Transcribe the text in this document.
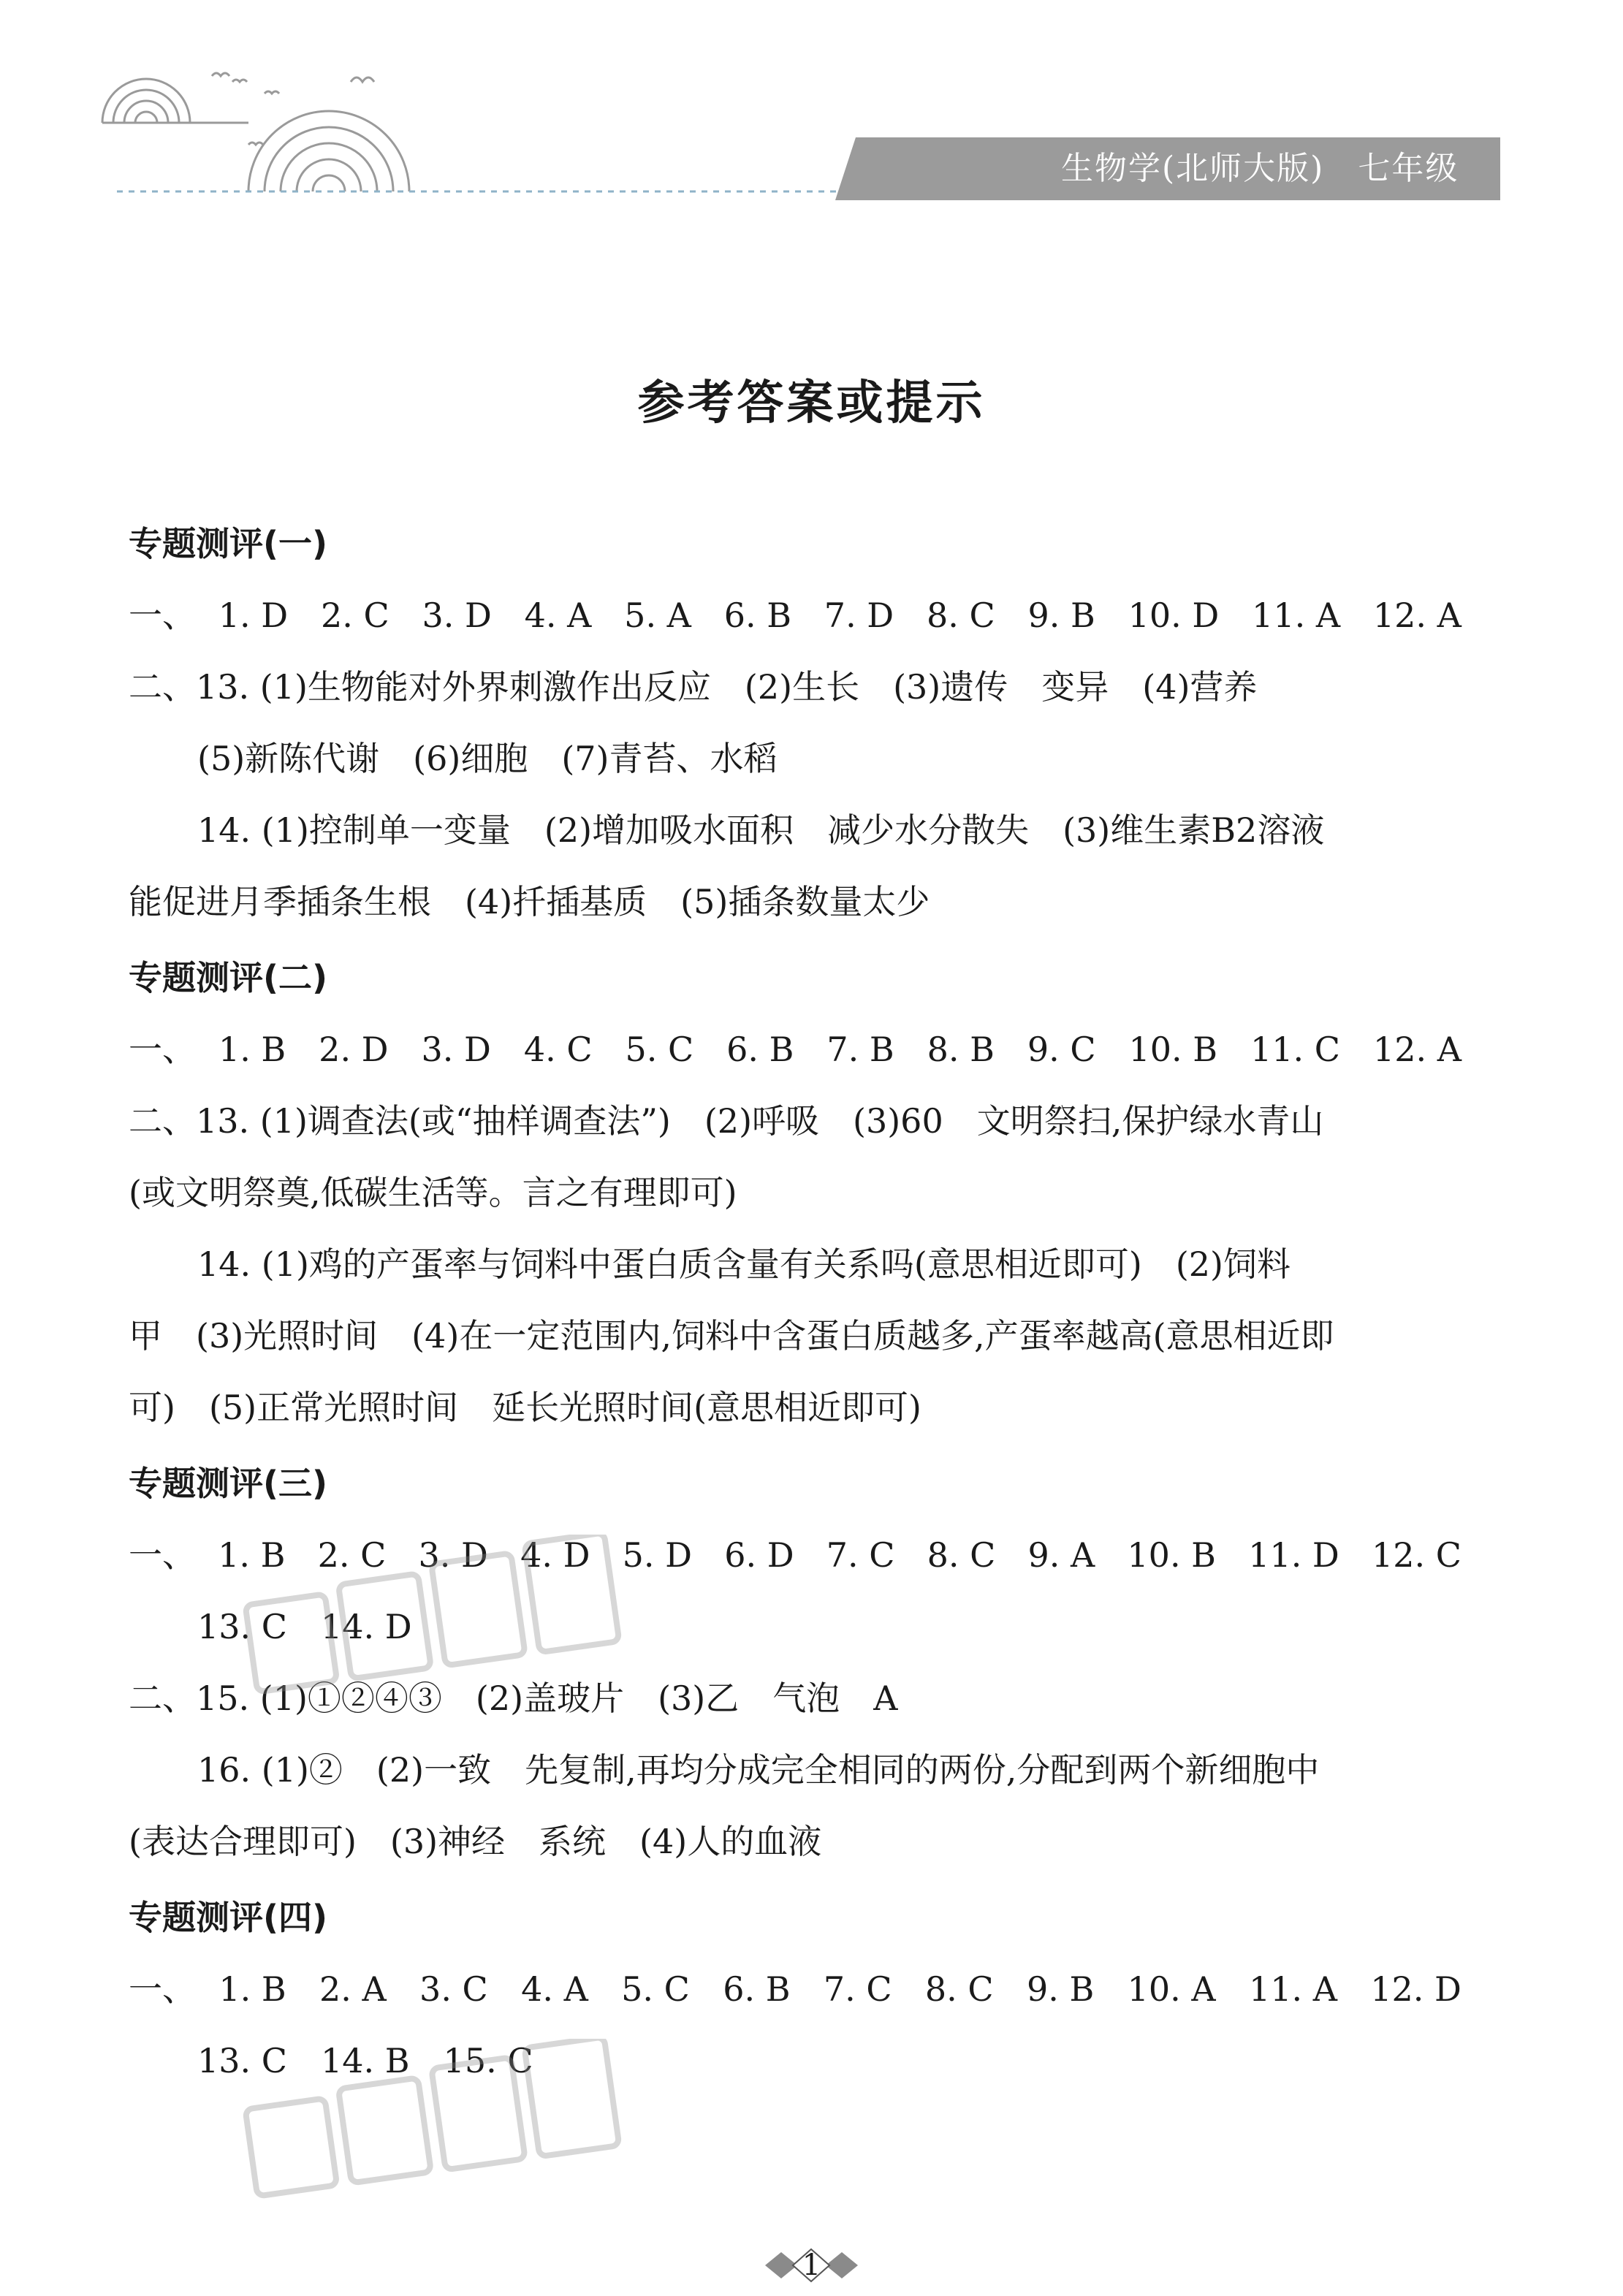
生物学(北师大版) 七年级
参考答案或提示
专题测评(一)
一、 1. D 2. C 3. D 4. A 5. A 6. B 7. D 8. C 9. B 10. D 11. A 12. A
二、13. (1)生物能对外界刺激作出反应　(2)生长　(3)遗传　变异　(4)营养
(5)新陈代谢　(6)细胞　(7)青苔、水稻
14. (1)控制单一变量　(2)增加吸水面积　减少水分散失　(3)维生素B2溶液
能促进月季插条生根　(4)扦插基质　(5)插条数量太少
专题测评(二)
一、 1. B 2. D 3. D 4. C 5. C 6. B 7. B 8. B 9. C 10. B 11. C 12. A
二、13. (1)调查法(或“抽样调查法”)　(2)呼吸　(3)60　文明祭扫,保护绿水青山
(或文明祭奠,低碳生活等。言之有理即可)
14. (1)鸡的产蛋率与饲料中蛋白质含量有关系吗(意思相近即可)　(2)饲料
甲　(3)光照时间　(4)在一定范围内,饲料中含蛋白质越多,产蛋率越高(意思相近即
可)　(5)正常光照时间　延长光照时间(意思相近即可)
专题测评(三)
一、 1. B 2. C 3. D 4. D 5. D 6. D 7. C 8. C 9. A 10. B 11. D 12. C
13. C　14. D
二、15. (1)①②④③　(2)盖玻片　(3)乙　气泡　A
16. (1)②　(2)一致　先复制,再均分成完全相同的两份,分配到两个新细胞中
(表达合理即可)　(3)神经　系统　(4)人的血液
专题测评(四)
一、 1. B 2. A 3. C 4. A 5. C 6. B 7. C 8. C 9. B 10. A 11. A 12. D
13. C　14. B　15. C
1
